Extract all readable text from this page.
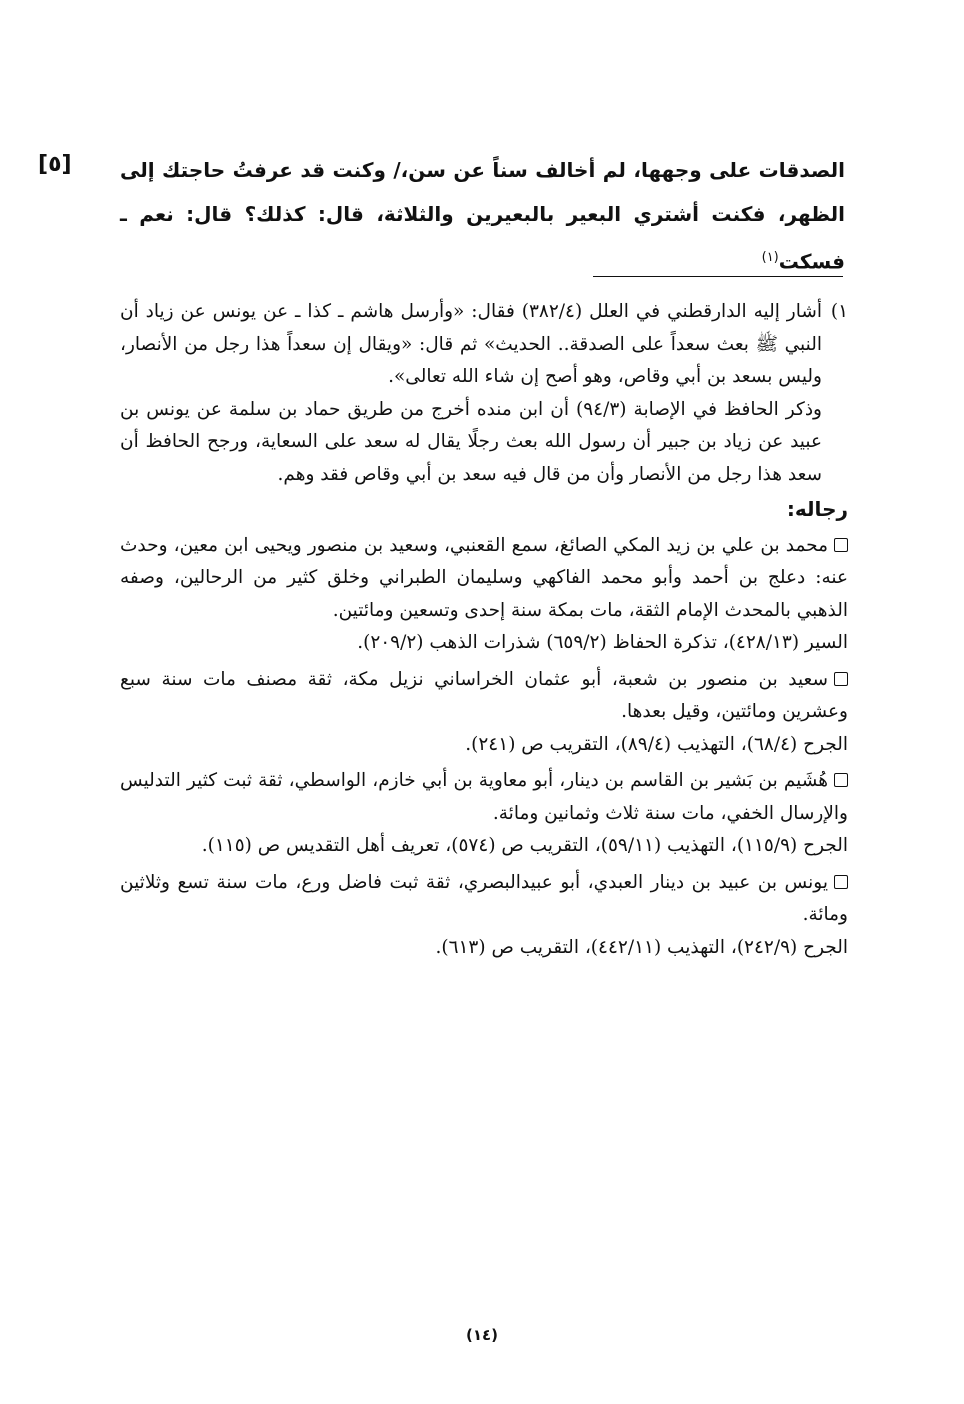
[٥] الصدقات على وجهها، لم أخالف سناً عن سن،/ وكنت قد عرفتُ حاجتك إلى الظهر، فكنت أشتري البعير بالبعيرين والثلاثة، قال: كذلك؟ قال: نعم ـ فسكت$^{(١)}$

١)
أشار إليه الدارقطني في العلل (٣٨٢/٤) فقال: «وأرسل هاشم ـ كذا ـ عن يونس عن زياد أن النبي ﷺ بعث سعداً على الصدقة.. الحديث» ثم قال: «ويقال إن سعداً هذا رجل من الأنصار، وليس بسعد بن أبي وقاص، وهو أصح إن شاء الله تعالى».

وذكر الحافظ في الإصابة (٩٤/٣) أن ابن منده أخرج من طريق حماد بن سلمة عن يونس بن عبيد عن زياد بن جبير أن رسول الله بعث رجلًا يقال له سعد على السعاية، ورجح الحافظ أن سعد هذا رجل من الأنصار وأن من قال فيه سعد بن أبي وقاص فقد وهم.

رجاله:

محمد بن علي بن زيد المكي الصائغ، سمع القعنبي، وسعيد بن منصور ويحيى ابن معين، وحدث عنه: دعلج بن أحمد وأبو محمد الفاكهي وسليمان الطبراني وخلق كثير من الرحالين، وصفه الذهبي بالمحدث الإمام الثقة، مات بمكة سنة إحدى وتسعين ومائتين.

السير (٤٢٨/١٣)، تذكرة الحفاظ (٦٥٩/٢) شذرات الذهب (٢٠٩/٢).

سعيد بن منصور بن شعبة، أبو عثمان الخراساني نزيل مكة، ثقة مصنف مات سنة سبع وعشرين ومائتين، وقيل بعدها.

الجرح (٦٨/٤)، التهذيب (٨٩/٤)، التقريب ص (٢٤١).

هُشَيم بن بَشير بن القاسم بن دينار، أبو معاوية بن أبي خازم، الواسطي، ثقة ثبت كثير التدليس والإرسال الخفي، مات سنة ثلاث وثمانين ومائة.

الجرح (١١٥/٩)، التهذيب (٥٩/١١)، التقريب ص (٥٧٤)، تعريف أهل التقديس ص (١١٥).

يونس بن عبيد بن دينار العبدي، أبو عبيدالبصري، ثقة ثبت فاضل ورع، مات سنة تسع وثلاثين ومائة.

الجرح (٢٤٢/٩)، التهذيب (٤٤٢/١١)، التقريب ص (٦١٣).

(١٤)
